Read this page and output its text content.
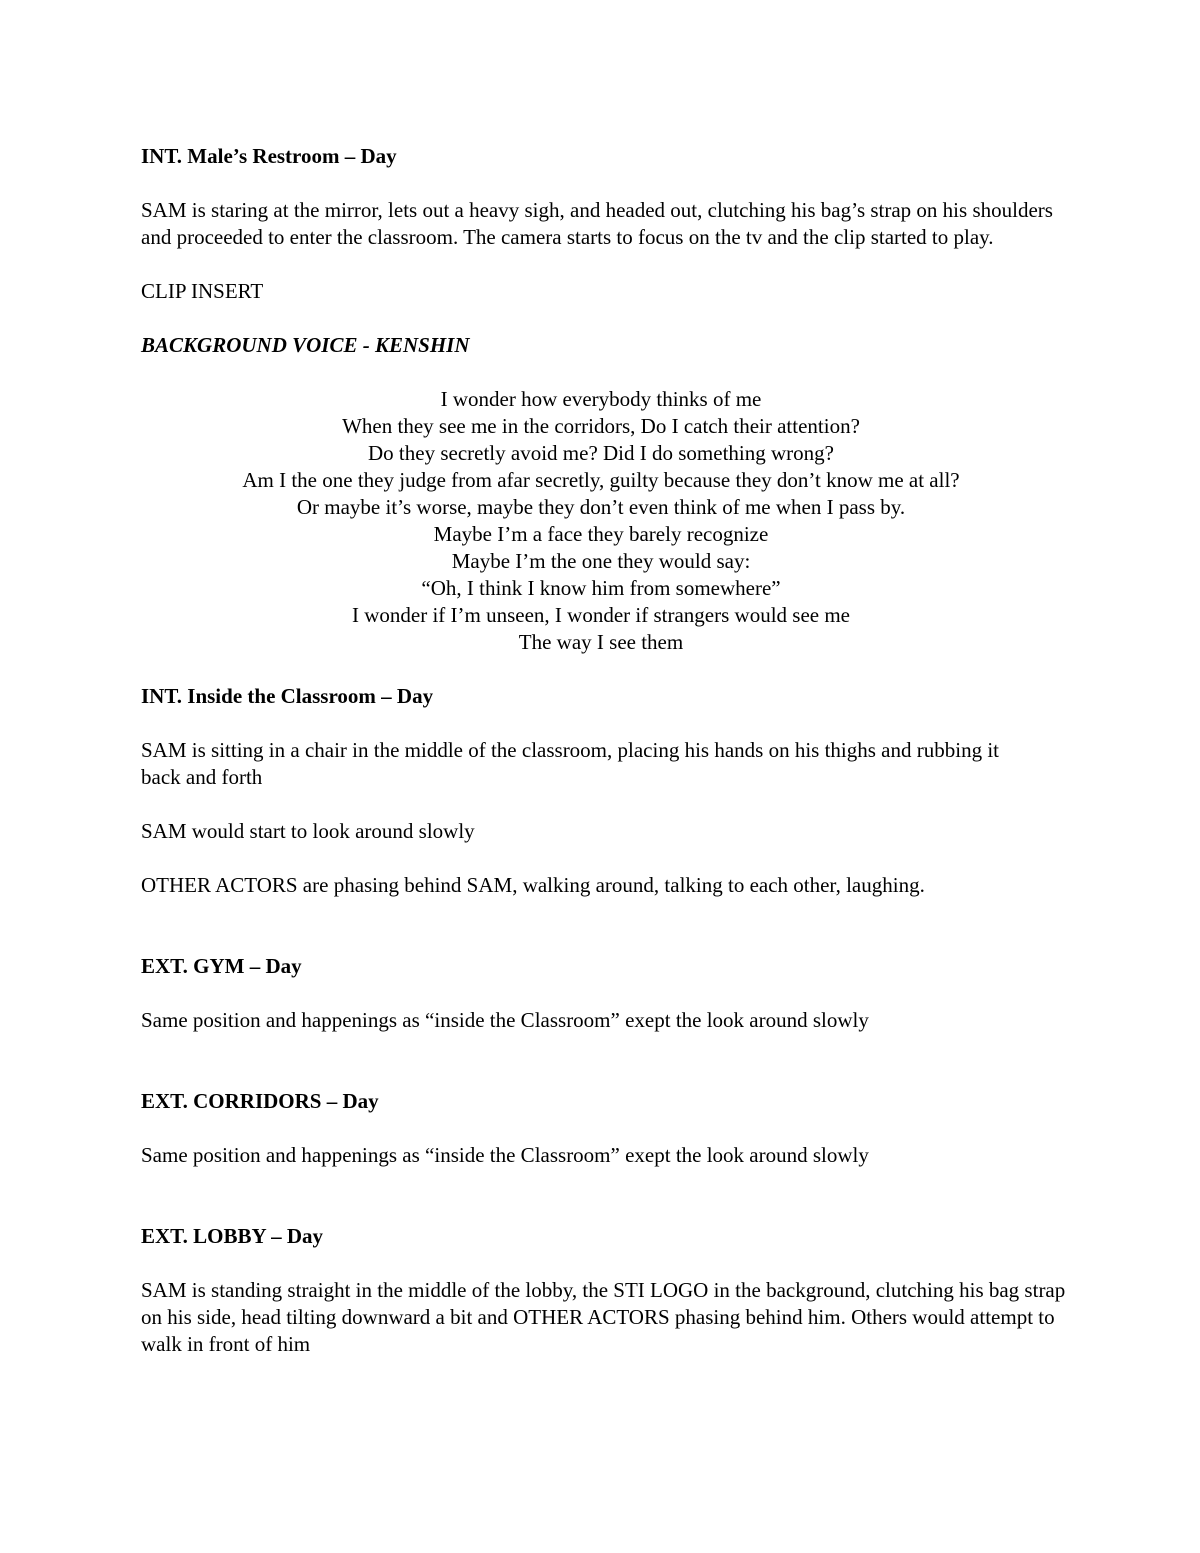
INT. Male’s Restroom – Day

SAM is staring at the mirror, lets out a heavy sigh, and headed out, clutching his bag’s strap on his shoulders and proceeded to enter the classroom. The camera starts to focus on the tv and the clip started to play.

CLIP INSERT

BACKGROUND VOICE - KENSHIN

I wonder how everybody thinks of me
When they see me in the corridors, Do I catch their attention?
Do they secretly avoid me? Did I do something wrong?
Am I the one they judge from afar secretly, guilty because they don’t know me at all?
Or maybe it’s worse, maybe they don’t even think of me when I pass by.
Maybe I’m a face they barely recognize
Maybe I’m the one they would say:
“Oh, I think I know him from somewhere”
I wonder if I’m unseen, I wonder if strangers would see me
The way I see them

INT. Inside the Classroom – Day

SAM is sitting in a chair in the middle of the classroom, placing his hands on his thighs and rubbing it back and forth

SAM would start to look around slowly

OTHER ACTORS are phasing behind SAM, walking around, talking to each other, laughing.

EXT. GYM – Day

Same position and happenings as “inside the Classroom” exept the look around slowly

EXT. CORRIDORS – Day

Same position and happenings as “inside the Classroom” exept the look around slowly

EXT. LOBBY – Day

SAM is standing straight in the middle of the lobby, the STI LOGO in the background, clutching his bag strap on his side, head tilting downward a bit and OTHER ACTORS phasing behind him. Others would attempt to walk in front of him
